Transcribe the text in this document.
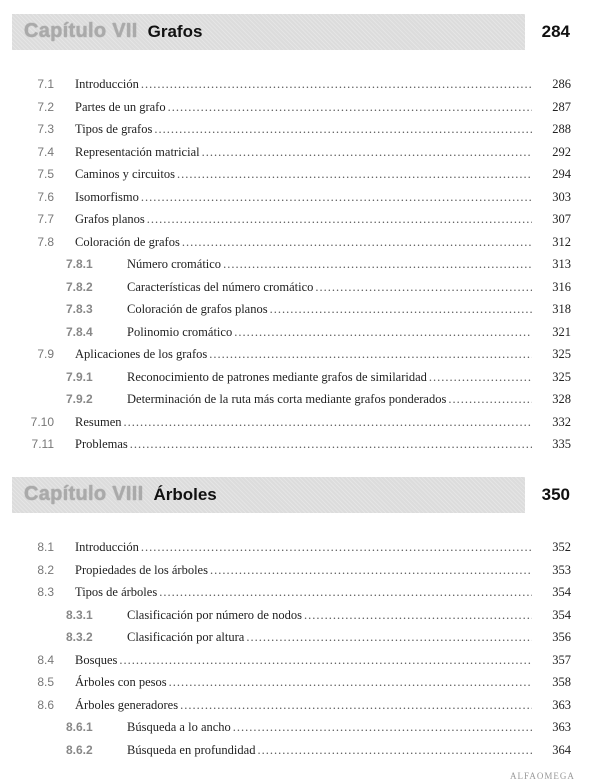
Capítulo VII Grafos	284
7.1 Introducción .....	286
7.2 Partes de un grafo .....	287
7.3 Tipos de grafos .....	288
7.4 Representación matricial .....	292
7.5 Caminos y circuitos .....	294
7.6 Isomorfismo .....	303
7.7 Grafos planos .....	307
7.8 Coloración de grafos .....	312
7.8.1	Número cromático .....	313
7.8.2	Características del número cromático .....	316
7.8.3	Coloración de grafos planos .....	318
7.8.4	Polinomio cromático .....	321
7.9 Aplicaciones de los grafos .....	325
7.9.1	Reconocimiento de patrones mediante grafos de similaridad .....	325
7.9.2	Determinación de la ruta más corta mediante grafos ponderados .....	328
7.10 Resumen .....	332
7.11 Problemas .....	335
Capítulo VIII Árboles	350
8.1 Introducción .....	352
8.2 Propiedades de los árboles .....	353
8.3 Tipos de árboles .....	354
8.3.1	Clasificación por número de nodos .....	354
8.3.2	Clasificación por altura .....	356
8.4 Bosques .....	357
8.5 Árboles con pesos .....	358
8.6 Árboles generadores .....	363
8.6.1	Búsqueda a lo ancho .....	363
8.6.2	Búsqueda en profundidad .....	364
ALFAOMEGA
